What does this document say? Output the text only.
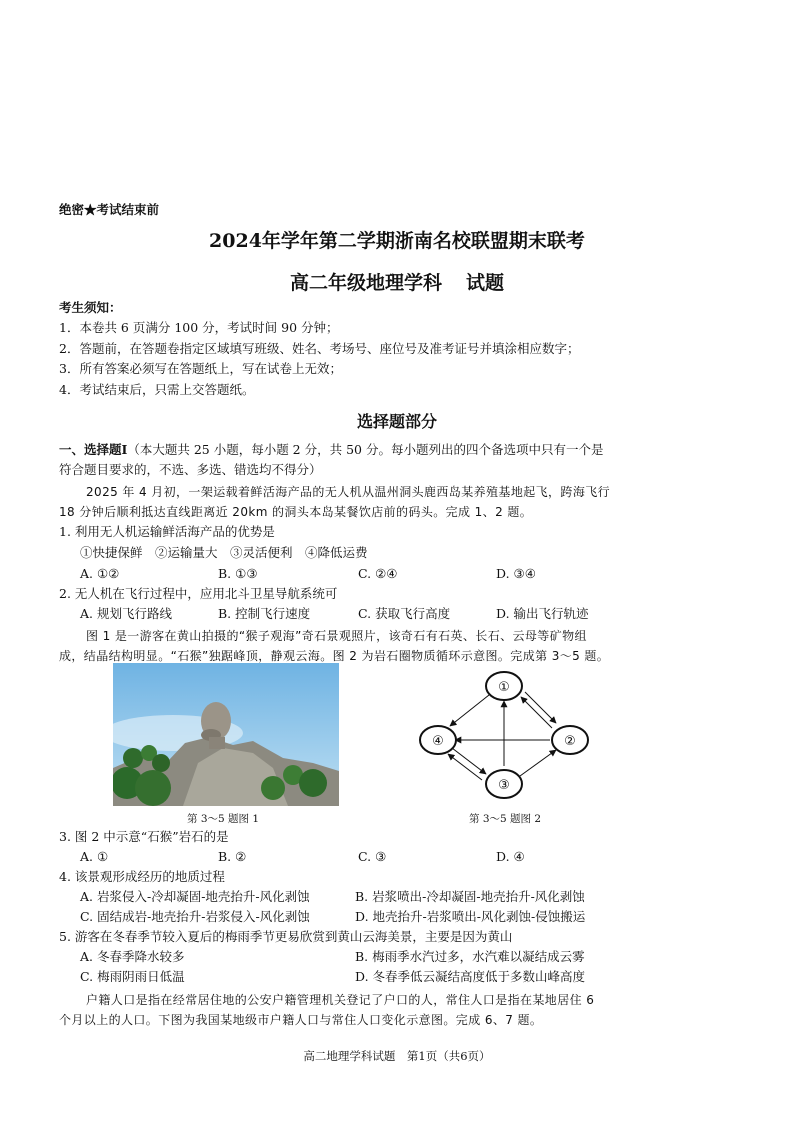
绝密★考试结束前
2024年学年第二学期浙南名校联盟期末联考
高二年级地理学科 试题
考生须知：
1．本卷共 6 页满分 100 分，考试时间 90 分钟；
2．答题前，在答题卷指定区域填写班级、姓名、考场号、座位号及准考证号并填涂相应数字；
3．所有答案必须写在答题纸上，写在试卷上无效；
4．考试结束后，只需上交答题纸。
选择题部分
一、选择题Ⅰ（本大题共 25 小题，每小题 2 分，共 50 分。每小题列出的四个备选项中只有一个是
符合题目要求的，不选、多选、错选均不得分）
2025 年 4 月初，一架运载着鲜活海产品的无人机从温州洞头鹿西岛某养殖基地起飞，跨海飞行
18 分钟后顺利抵达直线距离近 20km 的洞头本岛某餐饮店前的码头。完成 1、2 题。
1. 利用无人机运输鲜活海产品的优势是
①快捷保鲜　②运输量大　③灵活便利　④降低运费
A. ①②	B. ①③	C. ②④	D. ③④
2. 无人机在飞行过程中，应用北斗卫星导航系统可
A. 规划飞行路线	B. 控制飞行速度	C. 获取飞行高度	D. 输出飞行轨迹
图 1 是一游客在黄山拍摄的“猴子观海”奇石景观照片，该奇石有石英、长石、云母等矿物组
成，结晶结构明显。“石猴”独踞峰顶，静观云海。图 2 为岩石圈物质循环示意图。完成第 3～5 题。
第 3～5 题图 1
①
②
③
④
第 3～5 题图 2
3. 图 2 中示意“石猴”岩石的是
A. ①	B. ②	C. ③	D. ④
4. 该景观形成经历的地质过程
A. 岩浆侵入-冷却凝固-地壳抬升-风化剥蚀	B. 岩浆喷出-冷却凝固-地壳抬升-风化剥蚀
C. 固结成岩-地壳抬升-岩浆侵入-风化剥蚀	D. 地壳抬升-岩浆喷出-风化剥蚀-侵蚀搬运
5. 游客在冬春季节较入夏后的梅雨季节更易欣赏到黄山云海美景，主要是因为黄山
A. 冬春季降水较多	B. 梅雨季水汽过多，水汽难以凝结成云雾
C. 梅雨阴雨日低温	D. 冬春季低云凝结高度低于多数山峰高度
户籍人口是指在经常居住地的公安户籍管理机关登记了户口的人，常住人口是指在某地居住 6
个月以上的人口。下图为我国某地级市户籍人口与常住人口变化示意图。完成 6、7 题。
高二地理学科试题　第1页（共6页）
